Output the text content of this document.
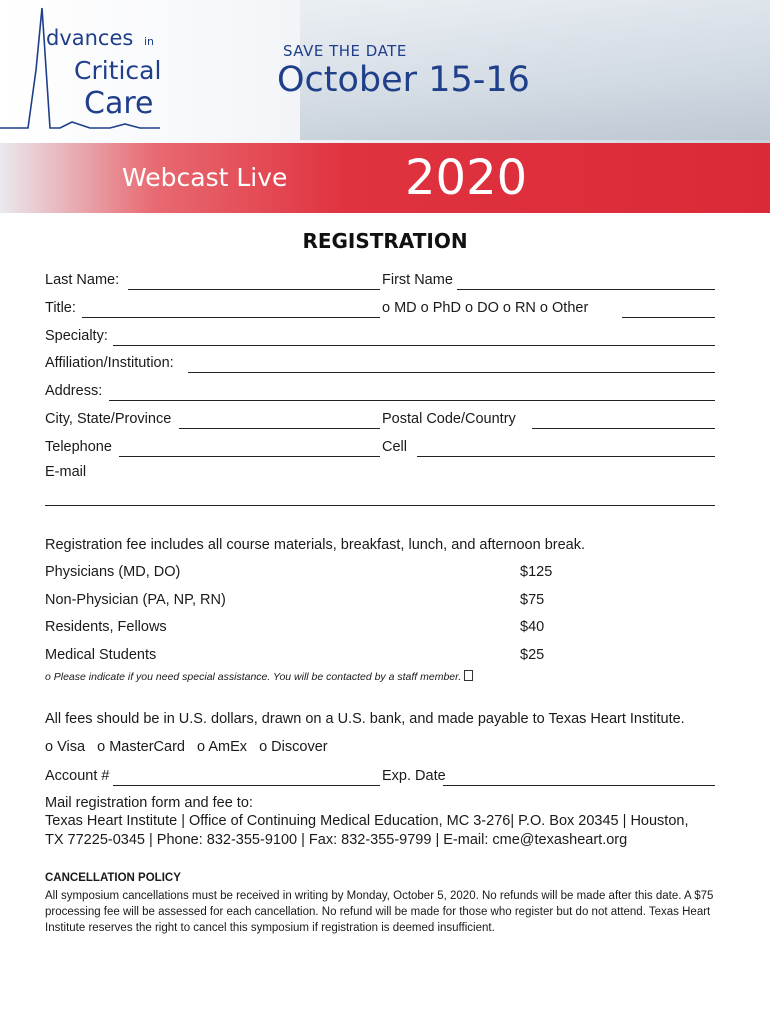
dvances in
Critical
Care
SAVE THE DATE
October 15-16
Webcast Live 2020
REGISTRATION
Last Name:	First Name
Title:	o MD o PhD o DO o RN o Other
Specialty:
Affiliation/Institution:
Address:
City, State/Province	Postal Code/Country
Telephone	Cell
E-mail
Registration fee includes all course materials, breakfast, lunch, and afternoon break.
Physicians (MD, DO)	$125
Non-Physician (PA, NP, RN)	$75
Residents, Fellows	$40
Medical Students	$25
o Please indicate if you need special assistance. You will be contacted by a staff member.
All fees should be in U.S. dollars, drawn on a U.S. bank, and made payable to Texas Heart Institute.
o Visa   o MasterCard   o AmEx   o Discover
Account #	Exp. Date
Mail registration form and fee to:
Texas Heart Institute | Office of Continuing Medical Education, MC 3-276| P.O. Box 20345 | Houston,
TX 77225-0345 | Phone: 832-355-9100 | Fax: 832-355-9799 | E-mail: cme@texasheart.org
CANCELLATION POLICY
All symposium cancellations must be received in writing by Monday, October 5, 2020. No refunds will be made after this date. A $75 processing fee will be assessed for each cancellation. No refund will be made for those who register but do not attend. Texas Heart Institute reserves the right to cancel this symposium if registration is deemed insufficient.
